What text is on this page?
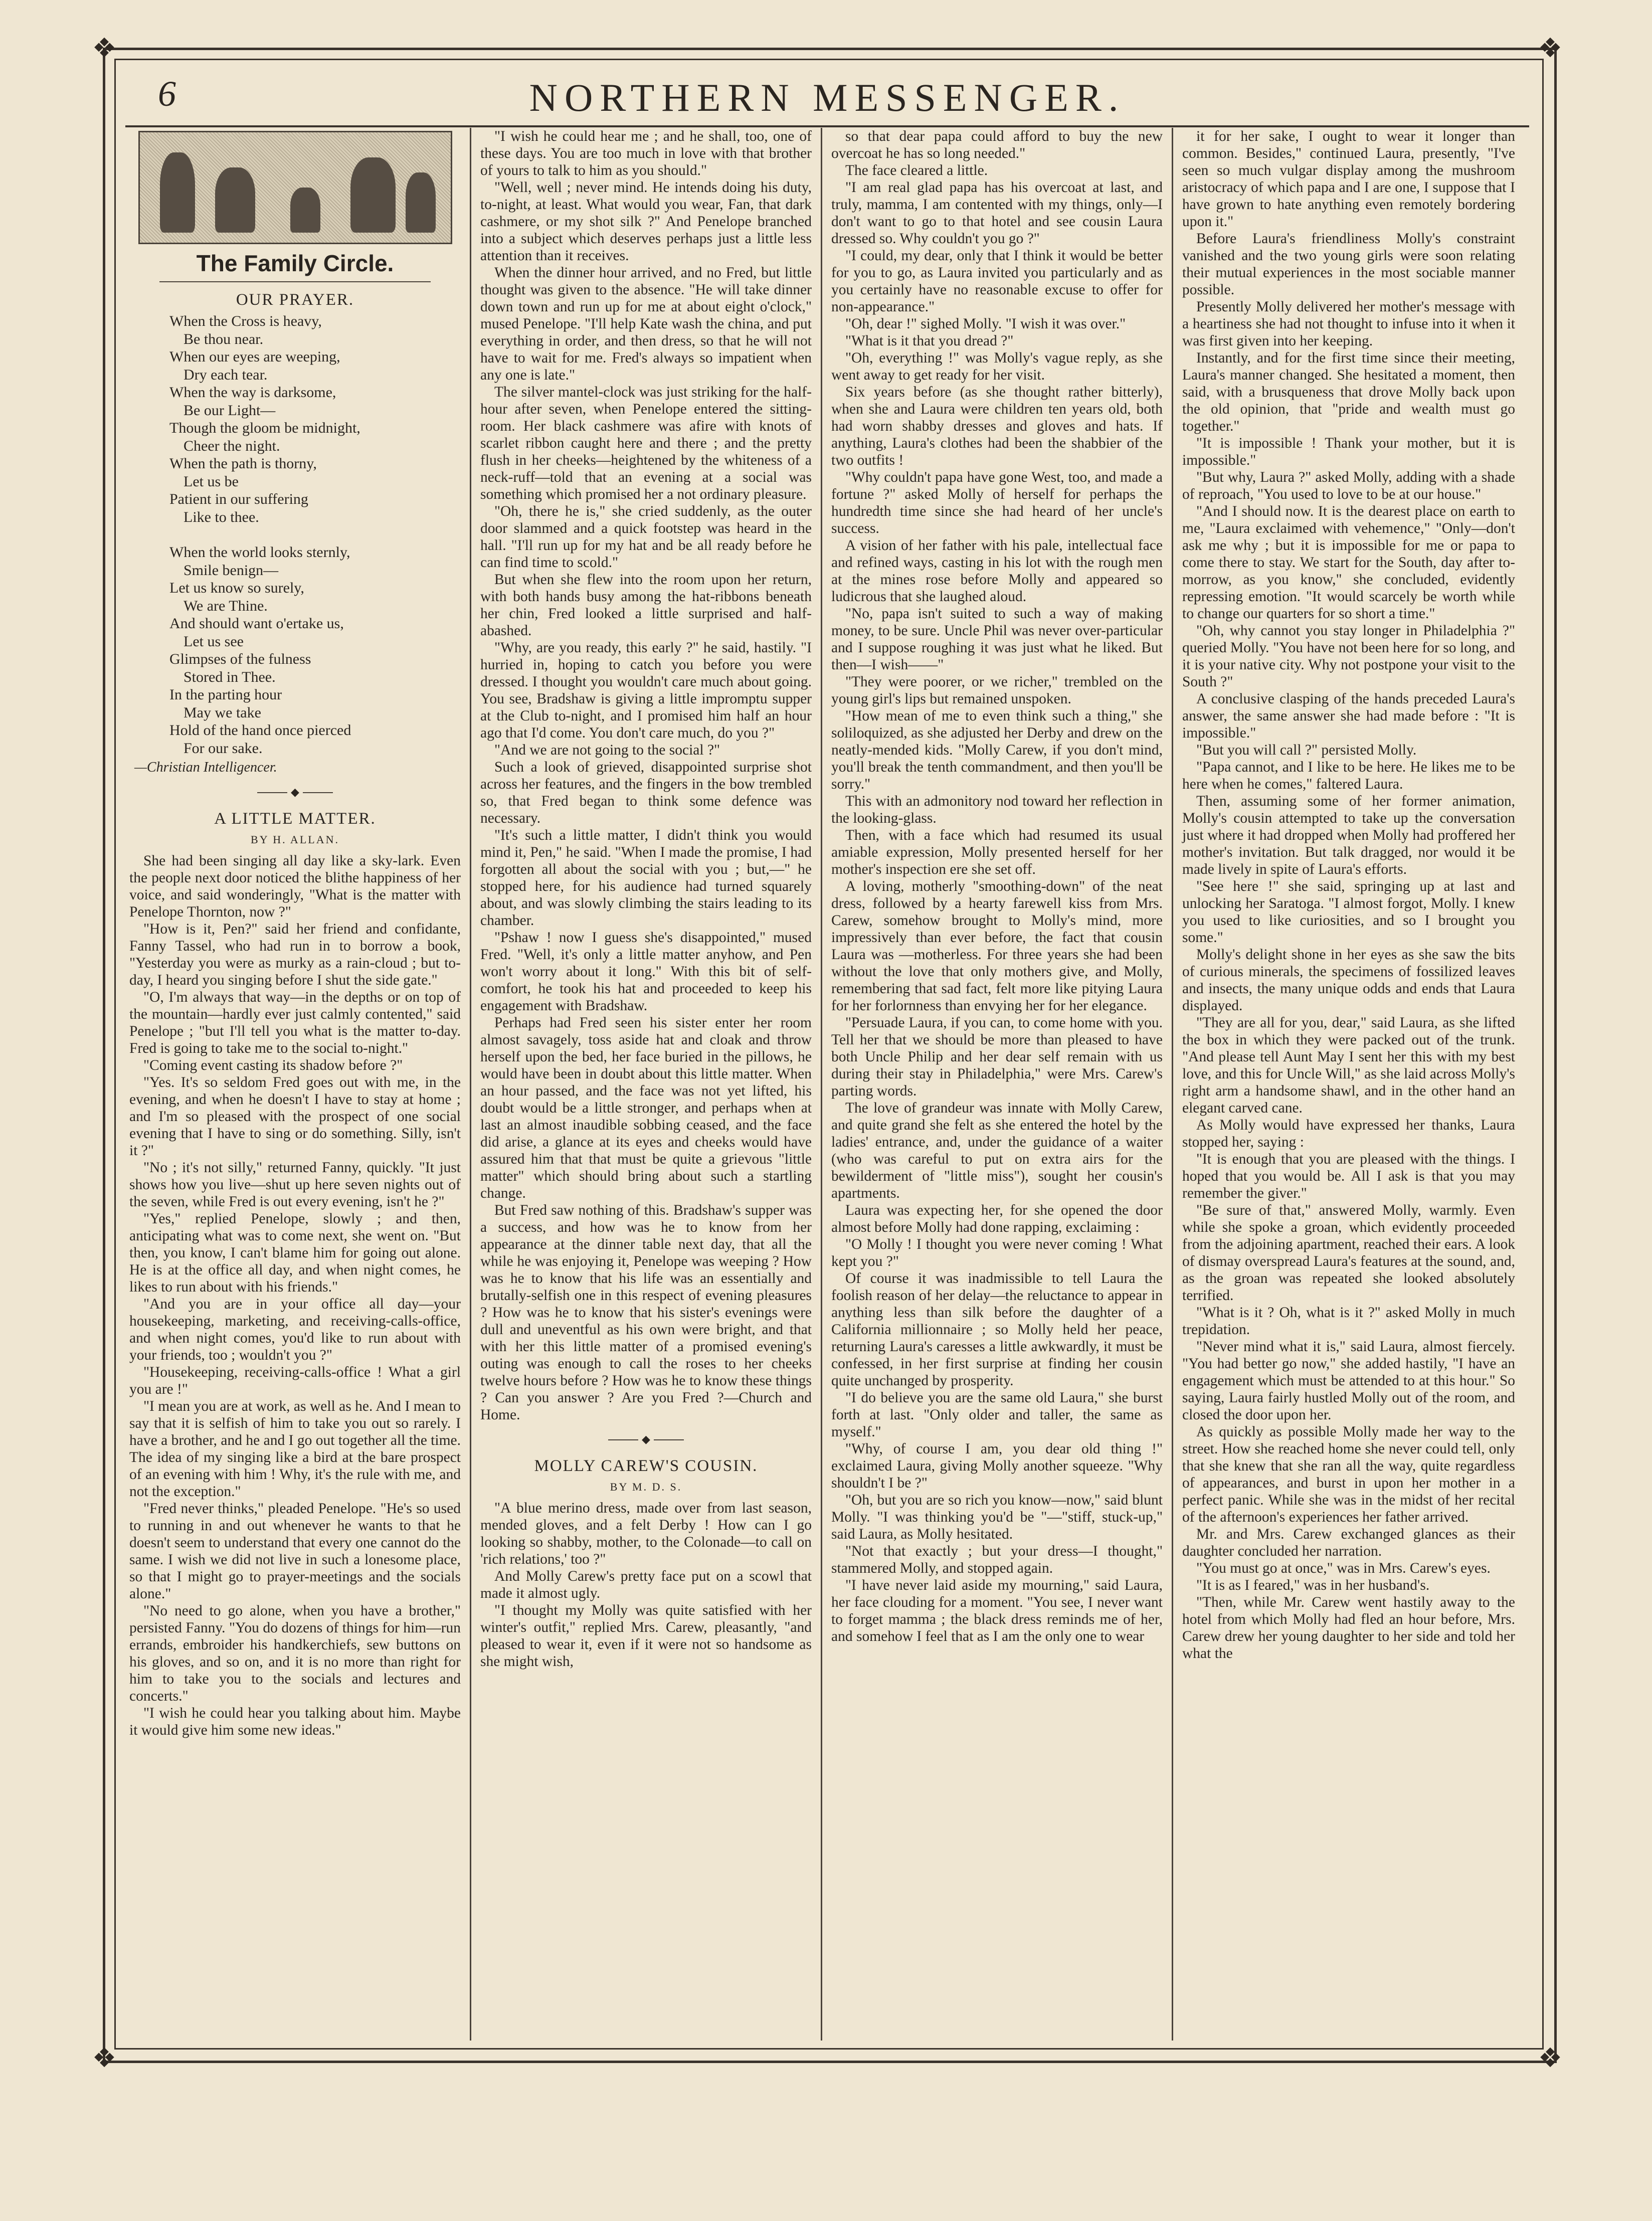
❖	❖
❖	❖
6	NORTHERN MESSENGER.
The Family Circle.
OUR PRAYER.
When the Cross is heavy,
Be thou near.
When our eyes are weeping,
Dry each tear.
When the way is darksome,
Be our Light—
Though the gloom be midnight,
Cheer the night.
When the path is thorny,
Let us be
Patient in our suffering
Like to thee.
When the world looks sternly,
Smile benign—
Let us know so surely,
We are Thine.
And should want o'ertake us,
Let us see
Glimpses of the fulness
Stored in Thee.
In the parting hour
May we take
Hold of the hand once pierced
For our sake.
—Christian Intelligencer.
◆
A LITTLE MATTER.
BY H. ALLAN.

She had been singing all day like a sky-lark. Even the people next door noticed the blithe happiness of her voice, and said wonderingly, "What is the matter with Penelope Thornton, now ?"

"How is it, Pen?" said her friend and confidante, Fanny Tassel, who had run in to borrow a book, "Yesterday you were as murky as a rain-cloud ; but to-day, I heard you singing before I shut the side gate."

"O, I'm always that way—in the depths or on top of the mountain—hardly ever just calmly contented," said Penelope ; "but I'll tell you what is the matter to-day. Fred is going to take me to the social to-night."

"Coming event casting its shadow before ?"

"Yes. It's so seldom Fred goes out with me, in the evening, and when he doesn't I have to stay at home ; and I'm so pleased with the prospect of one social evening that I have to sing or do something. Silly, isn't it ?"

"No ; it's not silly," returned Fanny, quickly. "It just shows how you live—shut up here seven nights out of the seven, while Fred is out every evening, isn't he ?"

"Yes," replied Penelope, slowly ; and then, anticipating what was to come next, she went on. "But then, you know, I can't blame him for going out alone. He is at the office all day, and when night comes, he likes to run about with his friends."

"And you are in your office all day—your housekeeping, marketing, and receiving-calls-office, and when night comes, you'd like to run about with your friends, too ; wouldn't you ?"

"Housekeeping, receiving-calls-office ! What a girl you are !"

"I mean you are at work, as well as he. And I mean to say that it is selfish of him to take you out so rarely. I have a brother, and he and I go out together all the time. The idea of my singing like a bird at the bare prospect of an evening with him ! Why, it's the rule with me, and not the exception."

"Fred never thinks," pleaded Penelope. "He's so used to running in and out whenever he wants to that he doesn't seem to understand that every one cannot do the same. I wish we did not live in such a lonesome place, so that I might go to prayer-meetings and the socials alone."

"No need to go alone, when you have a brother," persisted Fanny. "You do dozens of things for him—run errands, embroider his handkerchiefs, sew buttons on his gloves, and so on, and it is no more than right for him to take you to the socials and lectures and concerts."

"I wish he could hear you talking about him. Maybe it would give him some new ideas."

"I wish he could hear me ; and he shall, too, one of these days. You are too much in love with that brother of yours to talk to him as you should."

"Well, well ; never mind. He intends doing his duty, to-night, at least. What would you wear, Fan, that dark cashmere, or my shot silk ?" And Penelope branched into a subject which deserves perhaps just a little less attention than it receives.

When the dinner hour arrived, and no Fred, but little thought was given to the absence. "He will take dinner down town and run up for me at about eight o'clock," mused Penelope. "I'll help Kate wash the china, and put everything in order, and then dress, so that he will not have to wait for me. Fred's always so impatient when any one is late."

The silver mantel-clock was just striking for the half-hour after seven, when Penelope entered the sitting-room. Her black cashmere was afire with knots of scarlet ribbon caught here and there ; and the pretty flush in her cheeks—heightened by the whiteness of a neck-ruff—told that an evening at a social was something which promised her a not ordinary pleasure.

"Oh, there he is," she cried suddenly, as the outer door slammed and a quick footstep was heard in the hall. "I'll run up for my hat and be all ready before he can find time to scold."

But when she flew into the room upon her return, with both hands busy among the hat-ribbons beneath her chin, Fred looked a little surprised and half-abashed.

"Why, are you ready, this early ?" he said, hastily. "I hurried in, hoping to catch you before you were dressed. I thought you wouldn't care much about going. You see, Bradshaw is giving a little impromptu supper at the Club to-night, and I promised him half an hour ago that I'd come. You don't care much, do you ?"

"And we are not going to the social ?"

Such a look of grieved, disappointed surprise shot across her features, and the fingers in the bow trembled so, that Fred began to think some defence was necessary.

"It's such a little matter, I didn't think you would mind it, Pen," he said. "When I made the promise, I had forgotten all about the social with you ; but,—" he stopped here, for his audience had turned squarely about, and was slowly climbing the stairs leading to its chamber.

"Pshaw ! now I guess she's disappointed," mused Fred. "Well, it's only a little matter anyhow, and Pen won't worry about it long." With this bit of self-comfort, he took his hat and proceeded to keep his engagement with Bradshaw.

Perhaps had Fred seen his sister enter her room almost savagely, toss aside hat and cloak and throw herself upon the bed, her face buried in the pillows, he would have been in doubt about this little matter. When an hour passed, and the face was not yet lifted, his doubt would be a little stronger, and perhaps when at last an almost inaudible sobbing ceased, and the face did arise, a glance at its eyes and cheeks would have assured him that that must be quite a grievous "little matter" which should bring about such a startling change.

But Fred saw nothing of this. Bradshaw's supper was a success, and how was he to know from her appearance at the dinner table next day, that all the while he was enjoying it, Penelope was weeping ? How was he to know that his life was an essentially and brutally-selfish one in this respect of evening pleasures ? How was he to know that his sister's evenings were dull and uneventful as his own were bright, and that with her this little matter of a promised evening's outing was enough to call the roses to her cheeks twelve hours before ? How was he to know these things ? Can you answer ? Are you Fred ?—Church and Home.

◆
MOLLY CAREW'S COUSIN.
BY M. D. S.

"A blue merino dress, made over from last season, mended gloves, and a felt Derby ! How can I go looking so shabby, mother, to the Colonade—to call on 'rich relations,' too ?"

And Molly Carew's pretty face put on a scowl that made it almost ugly.

"I thought my Molly was quite satisfied with her winter's outfit," replied Mrs. Carew, pleasantly, "and pleased to wear it, even if it were not so handsome as she might wish,

so that dear papa could afford to buy the new overcoat he has so long needed."

The face cleared a little.

"I am real glad papa has his overcoat at last, and truly, mamma, I am contented with my things, only—I don't want to go to that hotel and see cousin Laura dressed so. Why couldn't you go ?"

"I could, my dear, only that I think it would be better for you to go, as Laura invited you particularly and as you certainly have no reasonable excuse to offer for non-appearance."

"Oh, dear !" sighed Molly. "I wish it was over."

"What is it that you dread ?"

"Oh, everything !" was Molly's vague reply, as she went away to get ready for her visit.

Six years before (as she thought rather bitterly), when she and Laura were children ten years old, both had worn shabby dresses and gloves and hats. If anything, Laura's clothes had been the shabbier of the two outfits !

"Why couldn't papa have gone West, too, and made a fortune ?" asked Molly of herself for perhaps the hundredth time since she had heard of her uncle's success.

A vision of her father with his pale, intellectual face and refined ways, casting in his lot with the rough men at the mines rose before Molly and appeared so ludicrous that she laughed aloud.

"No, papa isn't suited to such a way of making money, to be sure. Uncle Phil was never over-particular and I suppose roughing it was just what he liked. But then—I wish——"

"They were poorer, or we richer," trembled on the young girl's lips but remained unspoken.

"How mean of me to even think such a thing," she soliloquized, as she adjusted her Derby and drew on the neatly-mended kids. "Molly Carew, if you don't mind, you'll break the tenth commandment, and then you'll be sorry."

This with an admonitory nod toward her reflection in the looking-glass.

Then, with a face which had resumed its usual amiable expression, Molly presented herself for her mother's inspection ere she set off.

A loving, motherly "smoothing-down" of the neat dress, followed by a hearty farewell kiss from Mrs. Carew, somehow brought to Molly's mind, more impressively than ever before, the fact that cousin Laura was —motherless. For three years she had been without the love that only mothers give, and Molly, remembering that sad fact, felt more like pitying Laura for her forlornness than envying her for her elegance.

"Persuade Laura, if you can, to come home with you. Tell her that we should be more than pleased to have both Uncle Philip and her dear self remain with us during their stay in Philadelphia," were Mrs. Carew's parting words.

The love of grandeur was innate with Molly Carew, and quite grand she felt as she entered the hotel by the ladies' entrance, and, under the guidance of a waiter (who was careful to put on extra airs for the bewilderment of "little miss"), sought her cousin's apartments.

Laura was expecting her, for she opened the door almost before Molly had done rapping, exclaiming :

"O Molly ! I thought you were never coming ! What kept you ?"

Of course it was inadmissible to tell Laura the foolish reason of her delay—the reluctance to appear in anything less than silk before the daughter of a California millionnaire ; so Molly held her peace, returning Laura's caresses a little awkwardly, it must be confessed, in her first surprise at finding her cousin quite unchanged by prosperity.

"I do believe you are the same old Laura," she burst forth at last. "Only older and taller, the same as myself."

"Why, of course I am, you dear old thing !" exclaimed Laura, giving Molly another squeeze. "Why shouldn't I be ?"

"Oh, but you are so rich you know—now," said blunt Molly. "I was thinking you'd be "—"stiff, stuck-up," said Laura, as Molly hesitated.

"Not that exactly ; but your dress—I thought," stammered Molly, and stopped again.

"I have never laid aside my mourning," said Laura, her face clouding for a moment. "You see, I never want to forget mamma ; the black dress reminds me of her, and somehow I feel that as I am the only one to wear

it for her sake, I ought to wear it longer than common. Besides," continued Laura, presently, "I've seen so much vulgar display among the mushroom aristocracy of which papa and I are one, I suppose that I have grown to hate anything even remotely bordering upon it."

Before Laura's friendliness Molly's constraint vanished and the two young girls were soon relating their mutual experiences in the most sociable manner possible.

Presently Molly delivered her mother's message with a heartiness she had not thought to infuse into it when it was first given into her keeping.

Instantly, and for the first time since their meeting, Laura's manner changed. She hesitated a moment, then said, with a brusqueness that drove Molly back upon the old opinion, that "pride and wealth must go together."

"It is impossible ! Thank your mother, but it is impossible."

"But why, Laura ?" asked Molly, adding with a shade of reproach, "You used to love to be at our house."

"And I should now. It is the dearest place on earth to me, "Laura exclaimed with vehemence," "Only—don't ask me why ; but it is impossible for me or papa to come there to stay. We start for the South, day after to-morrow, as you know," she concluded, evidently repressing emotion. "It would scarcely be worth while to change our quarters for so short a time."

"Oh, why cannot you stay longer in Philadelphia ?" queried Molly. "You have not been here for so long, and it is your native city. Why not postpone your visit to the South ?"

A conclusive clasping of the hands preceded Laura's answer, the same answer she had made before : "It is impossible."

"But you will call ?" persisted Molly.

"Papa cannot, and I like to be here. He likes me to be here when he comes," faltered Laura.

Then, assuming some of her former animation, Molly's cousin attempted to take up the conversation just where it had dropped when Molly had proffered her mother's invitation. But talk dragged, nor would it be made lively in spite of Laura's efforts.

"See here !" she said, springing up at last and unlocking her Saratoga. "I almost forgot, Molly. I knew you used to like curiosities, and so I brought you some."

Molly's delight shone in her eyes as she saw the bits of curious minerals, the specimens of fossilized leaves and insects, the many unique odds and ends that Laura displayed.

"They are all for you, dear," said Laura, as she lifted the box in which they were packed out of the trunk. "And please tell Aunt May I sent her this with my best love, and this for Uncle Will," as she laid across Molly's right arm a handsome shawl, and in the other hand an elegant carved cane.

As Molly would have expressed her thanks, Laura stopped her, saying :

"It is enough that you are pleased with the things. I hoped that you would be. All I ask is that you may remember the giver."

"Be sure of that," answered Molly, warmly. Even while she spoke a groan, which evidently proceeded from the adjoining apartment, reached their ears. A look of dismay overspread Laura's features at the sound, and, as the groan was repeated she looked absolutely terrified.

"What is it ? Oh, what is it ?" asked Molly in much trepidation.

"Never mind what it is," said Laura, almost fiercely. "You had better go now," she added hastily, "I have an engagement which must be attended to at this hour." So saying, Laura fairly hustled Molly out of the room, and closed the door upon her.

As quickly as possible Molly made her way to the street. How she reached home she never could tell, only that she knew that she ran all the way, quite regardless of appearances, and burst in upon her mother in a perfect panic. While she was in the midst of her recital of the afternoon's experiences her father arrived.

Mr. and Mrs. Carew exchanged glances as their daughter concluded her narration.

"You must go at once," was in Mrs. Carew's eyes.

"It is as I feared," was in her husband's.

"Then, while Mr. Carew went hastily away to the hotel from which Molly had fled an hour before, Mrs. Carew drew her young daughter to her side and told her what the
